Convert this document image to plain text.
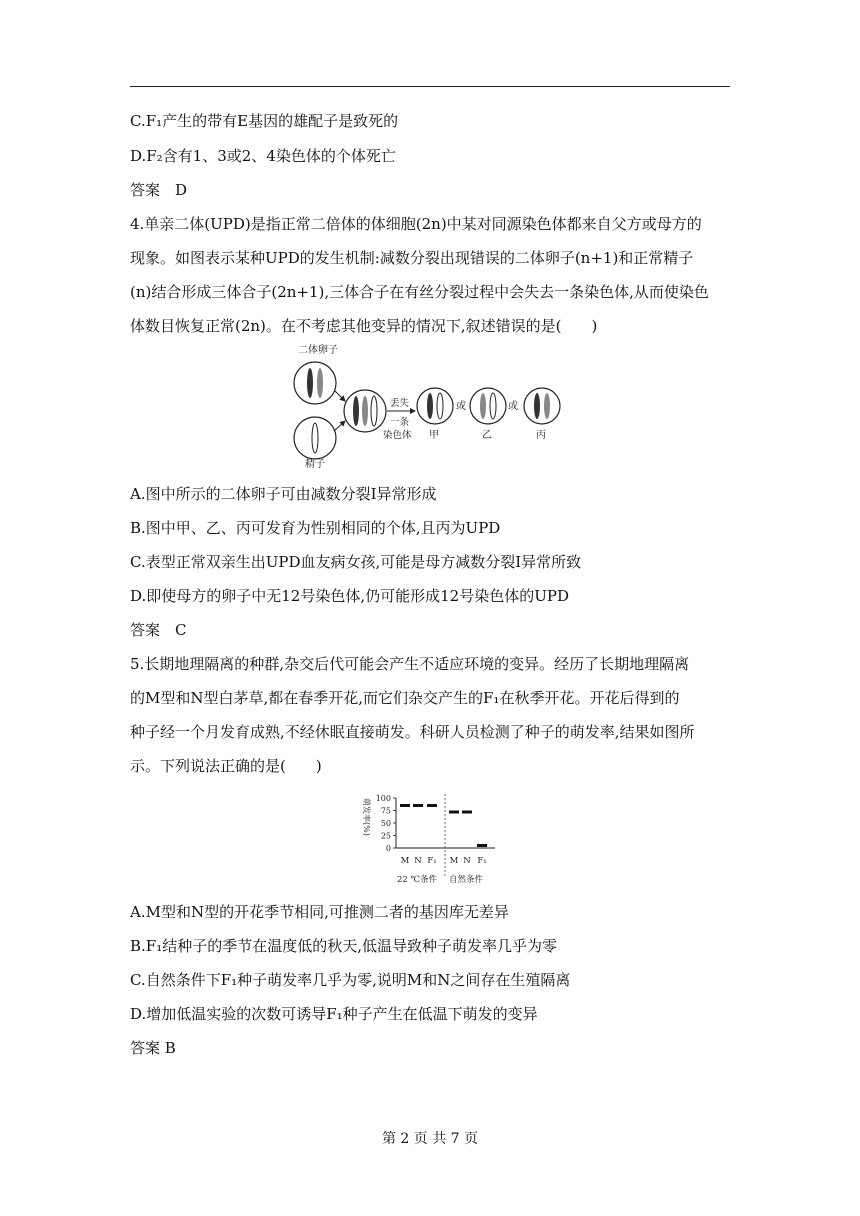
C.F₁产生的带有E基因的雄配子是致死的
D.F₂含有1、3或2、4染色体的个体死亡
答案　D
4.单亲二体(UPD)是指正常二倍体的体细胞(2n)中某对同源染色体都来自父方或母方的
现象。如图表示某种UPD的发生机制:减数分裂出现错误的二体卵子(n+1)和正常精子
(n)结合形成三体合子(2n+1),三体合子在有丝分裂过程中会失去一条染色体,从而使染色
体数目恢复正常(2n)。在不考虑其他变异的情况下,叙述错误的是(　　)
二体卵子
精子
丢失
一条
染色体 甲
或
乙
或
丙
A.图中所示的二体卵子可由减数分裂Ⅰ异常形成
B.图中甲、乙、丙可发育为性别相同的个体,且丙为UPD
C.表型正常双亲生出UPD血友病女孩,可能是母方减数分裂Ⅰ异常所致
D.即使母方的卵子中无12号染色体,仍可能形成12号染色体的UPD
答案　C
5.长期地理隔离的种群,杂交后代可能会产生不适应环境的变异。经历了长期地理隔离
的M型和N型白茅草,都在春季开花,而它们杂交产生的F₁在秋季开花。开花后得到的
种子经一个月发育成熟,不经休眠直接萌发。科研人员检测了种子的萌发率,结果如图所
示。下列说法正确的是(　　)
萌发率(%)
0
25
50
75
100
M N F₁ M N F₁
22 ℃条件 自然条件
A.M型和N型的开花季节相同,可推测二者的基因库无差异
B.F₁结种子的季节在温度低的秋天,低温导致种子萌发率几乎为零
C.自然条件下F₁种子萌发率几乎为零,说明M和N之间存在生殖隔离
D.增加低温实验的次数可诱导F₁种子产生在低温下萌发的变异
答案 B
第 2 页 共 7 页
